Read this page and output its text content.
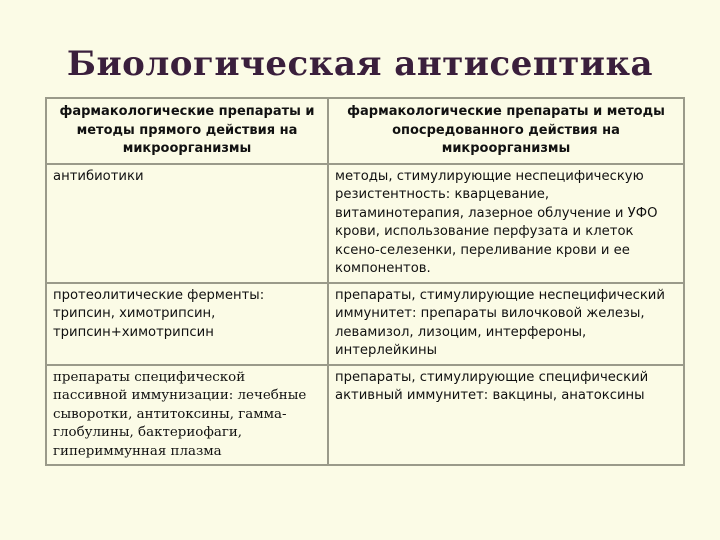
Биологическая антисептика
фармакологические препараты и методы прямого действия на микроорганизмы	фармакологические препараты и методы опосредованного действия на микроорганизмы
антибиотики	методы, стимулирующие неспецифическую резистентность: кварцевание, витаминотерапия, лазерное облучение и УФО крови, использование перфузата и клеток ксено-селезенки, переливание крови и ее компонентов.
протеолитические ферменты: трипсин, химотрипсин, трипсин+химотрипсин	препараты, стимулирующие неспецифический иммунитет: препараты вилочковой железы, левамизол, лизоцим, интерфероны, интерлейкины
препараты специфической пассивной иммунизации: лечебные сыворотки, антитоксины, гамма-глобулины, бактериофаги, гипериммунная плазма	препараты, стимулирующие специфический активный иммунитет: вакцины, анатоксины
